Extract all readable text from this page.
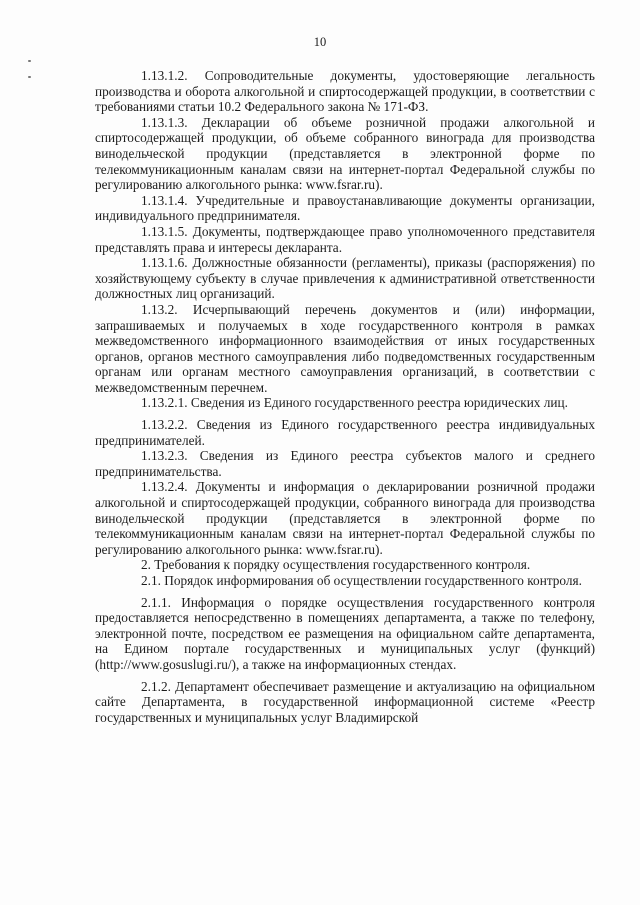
10

1.13.1.2. Сопроводительные документы, удостоверяющие легальность производства и оборота алкогольной и спиртосодержащей продукции, в соответствии с требованиями статьи 10.2 Федерального закона № 171-ФЗ.

1.13.1.3. Декларации об объеме розничной продажи алкогольной и спиртосодержащей продукции, об объеме собранного винограда для производства винодельческой продукции (представляется в электронной форме по телекоммуникационным каналам связи на интернет-портал Федеральной службы по регулированию алкогольного рынка: www.fsrar.ru).

1.13.1.4. Учредительные и правоустанавливающие документы организации, индивидуального предпринимателя.

1.13.1.5. Документы, подтверждающее право уполномоченного представителя представлять права и интересы декларанта.

1.13.1.6. Должностные обязанности (регламенты), приказы (распоряжения) по хозяйствующему субъекту в случае привлечения к административной ответственности должностных лиц организаций.

1.13.2. Исчерпывающий перечень документов и (или) информации, запрашиваемых и получаемых в ходе государственного контроля в рамках межведомственного информационного взаимодействия от иных государственных органов, органов местного самоуправления либо подведомственных государственным органам или органам местного самоуправления организаций, в соответствии с межведомственным перечнем.

1.13.2.1. Сведения из Единого государственного реестра юридических лиц.

1.13.2.2. Сведения из Единого государственного реестра индивидуальных предпринимателей.

1.13.2.3. Сведения из Единого реестра субъектов малого и среднего предпринимательства.

1.13.2.4. Документы и информация о декларировании розничной продажи алкогольной и спиртосодержащей продукции, собранного винограда для производства винодельческой продукции (представляется в электронной форме по телекоммуникационным каналам связи на интернет-портал Федеральной службы по регулированию алкогольного рынка: www.fsrar.ru).

2. Требования к порядку осуществления государственного контроля.

2.1. Порядок информирования об осуществлении государственного контроля.

2.1.1. Информация о порядке осуществления государственного контроля предоставляется непосредственно в помещениях департамента, а также по телефону, электронной почте, посредством ее размещения на официальном сайте департамента, на Едином портале государственных и муниципальных услуг (функций) (http://www.gosuslugi.ru/), а также на информационных стендах.

2.1.2. Департамент обеспечивает размещение и актуализацию на официальном сайте Департамента, в государственной информационной системе «Реестр государственных и муниципальных услуг Владимирской
